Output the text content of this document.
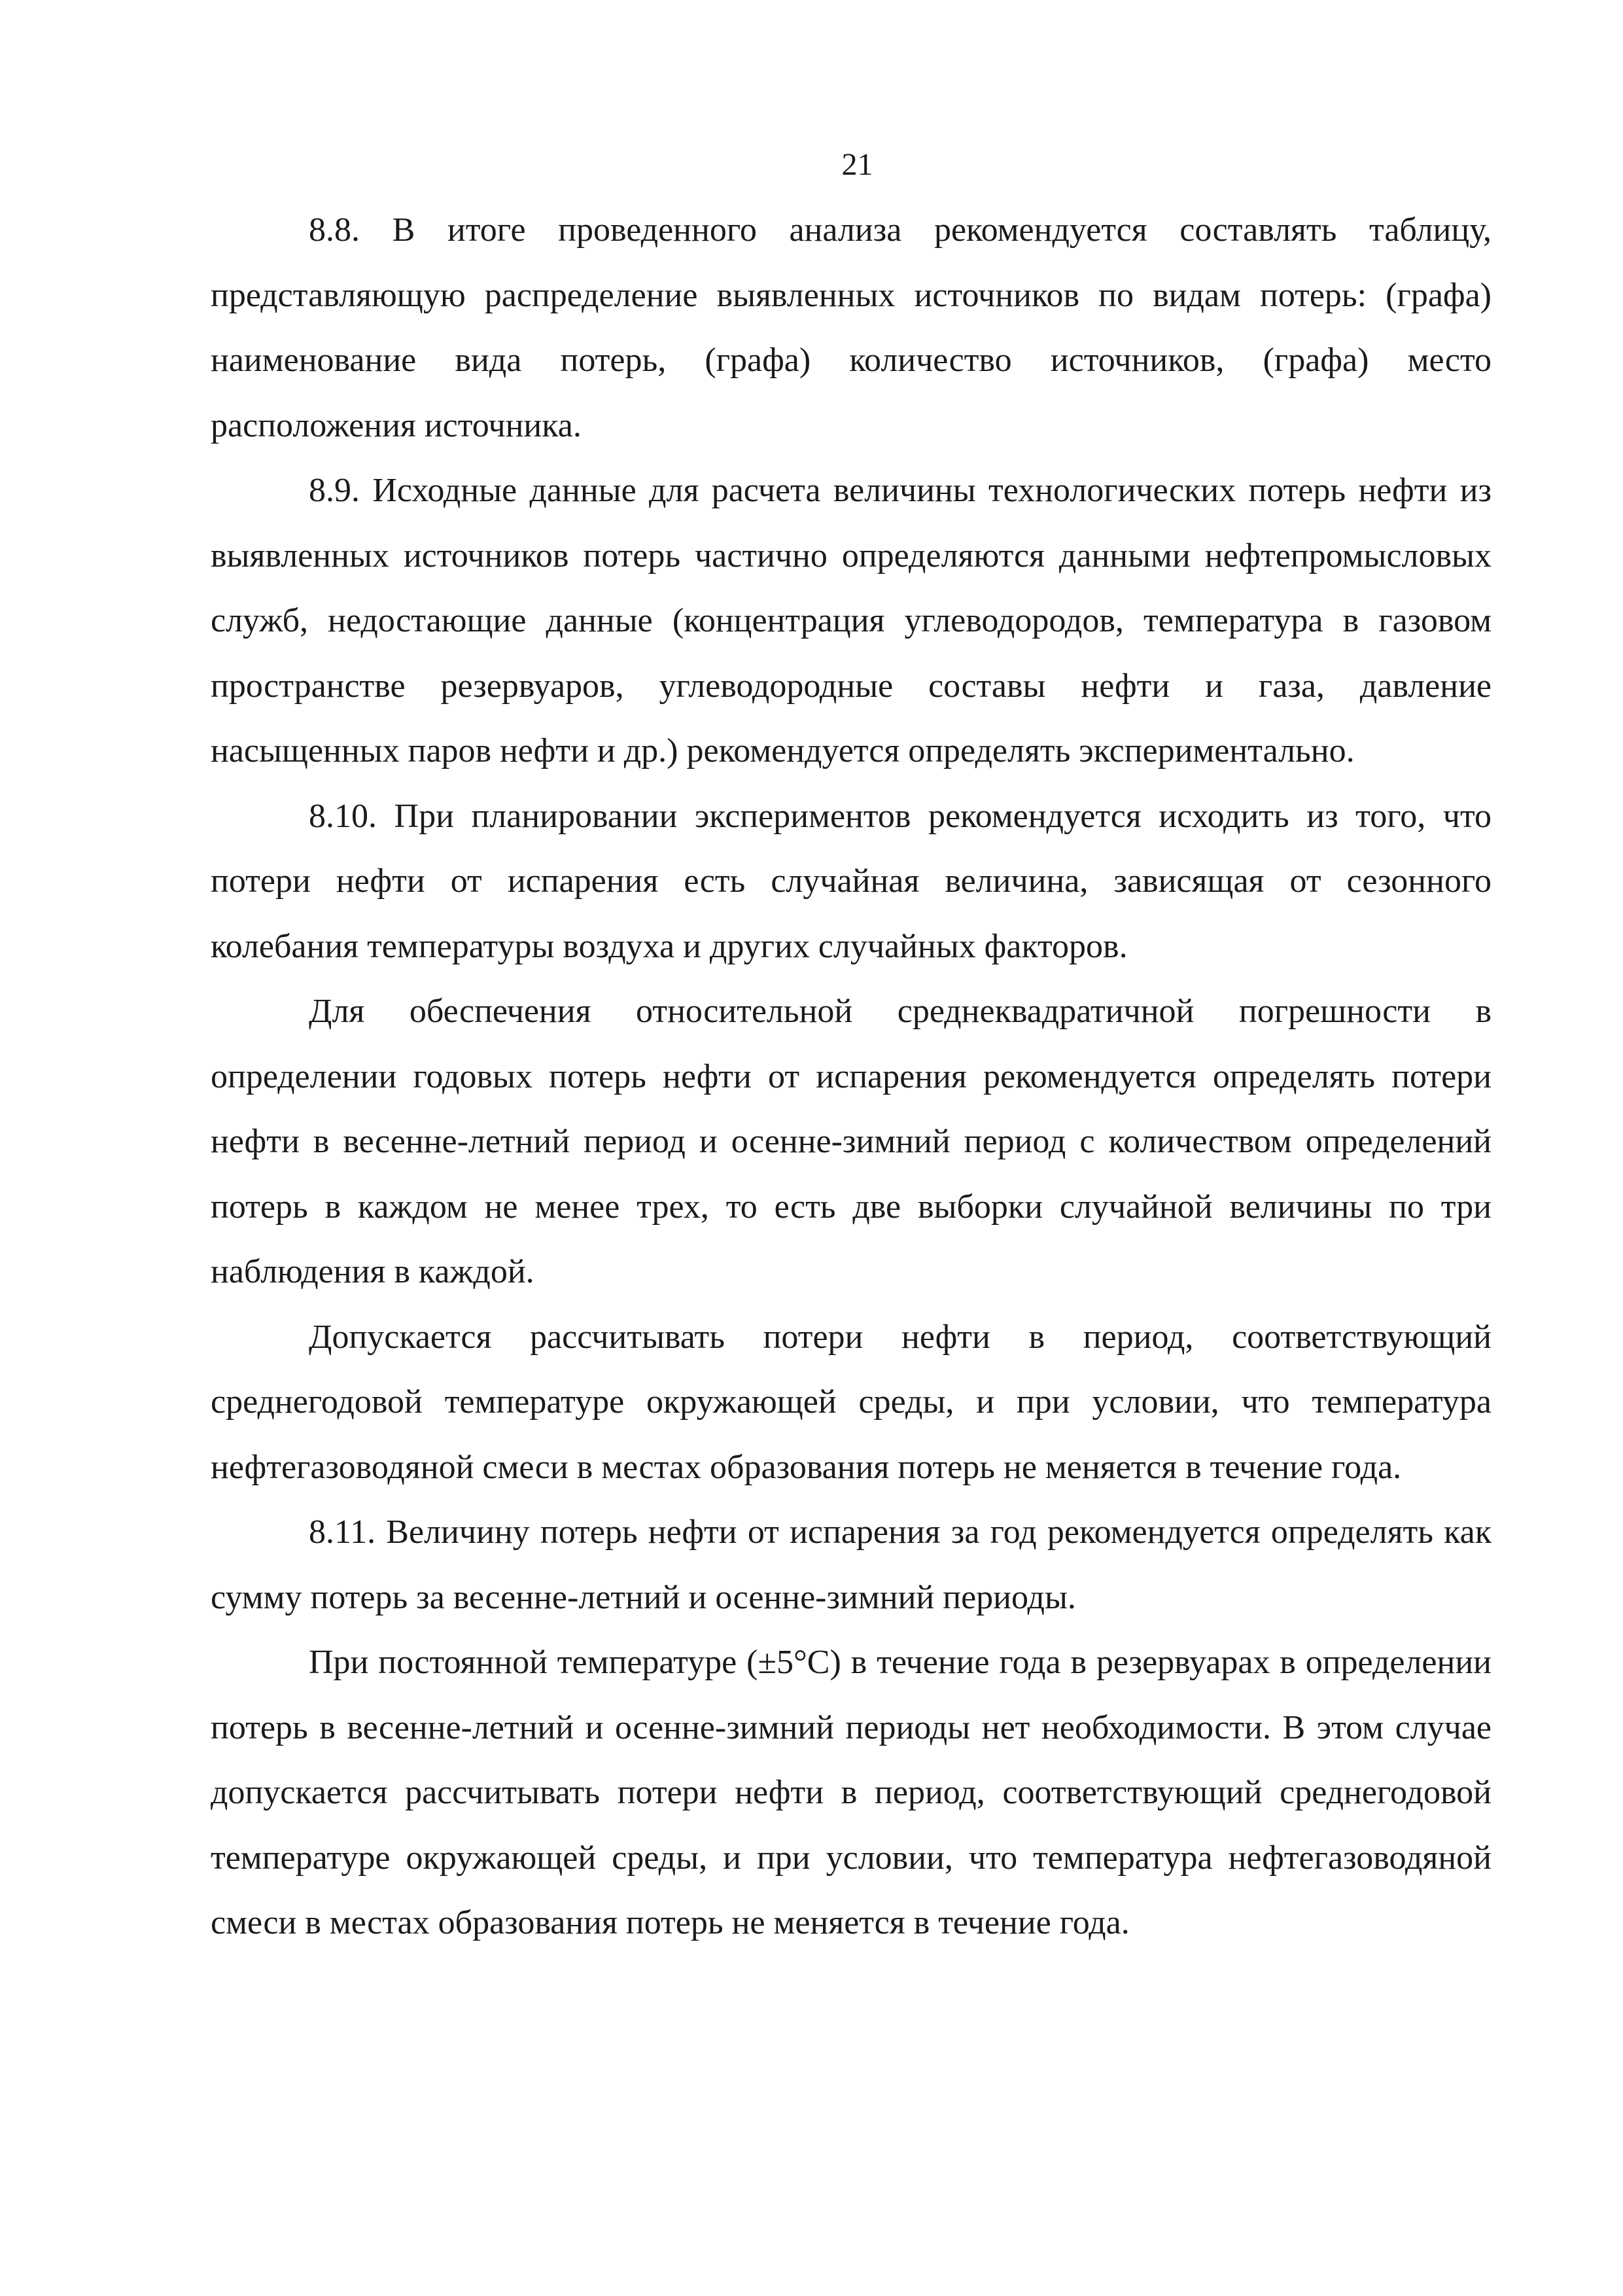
21

8.8. В итоге проведенного анализа рекомендуется составлять таблицу, представляющую распределение выявленных источников по видам потерь: (графа) наименование вида потерь, (графа) количество источников, (графа) место расположения источника.

8.9. Исходные данные для расчета величины технологических потерь нефти из выявленных источников потерь частично определяются данными нефтепромысловых служб, недостающие данные (концентрация углеводородов, температура в газовом пространстве резервуаров, углеводородные составы нефти и газа, давление насыщенных паров нефти и др.) рекомендуется определять экспериментально.

8.10. При планировании экспериментов рекомендуется исходить из того, что потери нефти от испарения есть случайная величина, зависящая от сезонного колебания температуры воздуха и других случайных факторов.

Для обеспечения относительной среднеквадратичной погрешности в определении годовых потерь нефти от испарения рекомендуется определять потери нефти в весенне-летний период и осенне-зимний период с количеством определений потерь в каждом не менее трех, то есть две выборки случайной величины по три наблюдения в каждой.

Допускается рассчитывать потери нефти в период, соответствующий среднегодовой температуре окружающей среды, и при условии, что температура нефтегазоводяной смеси в местах образования потерь не меняется в течение года.

8.11. Величину потерь нефти от испарения за год рекомендуется определять как сумму потерь за весенне-летний и осенне-зимний периоды.

При постоянной температуре (±5°С) в течение года в резервуарах в определении потерь в весенне-летний и осенне-зимний периоды нет необходимости. В этом случае допускается рассчитывать потери нефти в период, соответствующий среднегодовой температуре окружающей среды, и при условии, что температура нефтегазоводяной смеси в местах образования потерь не меняется в течение года.
